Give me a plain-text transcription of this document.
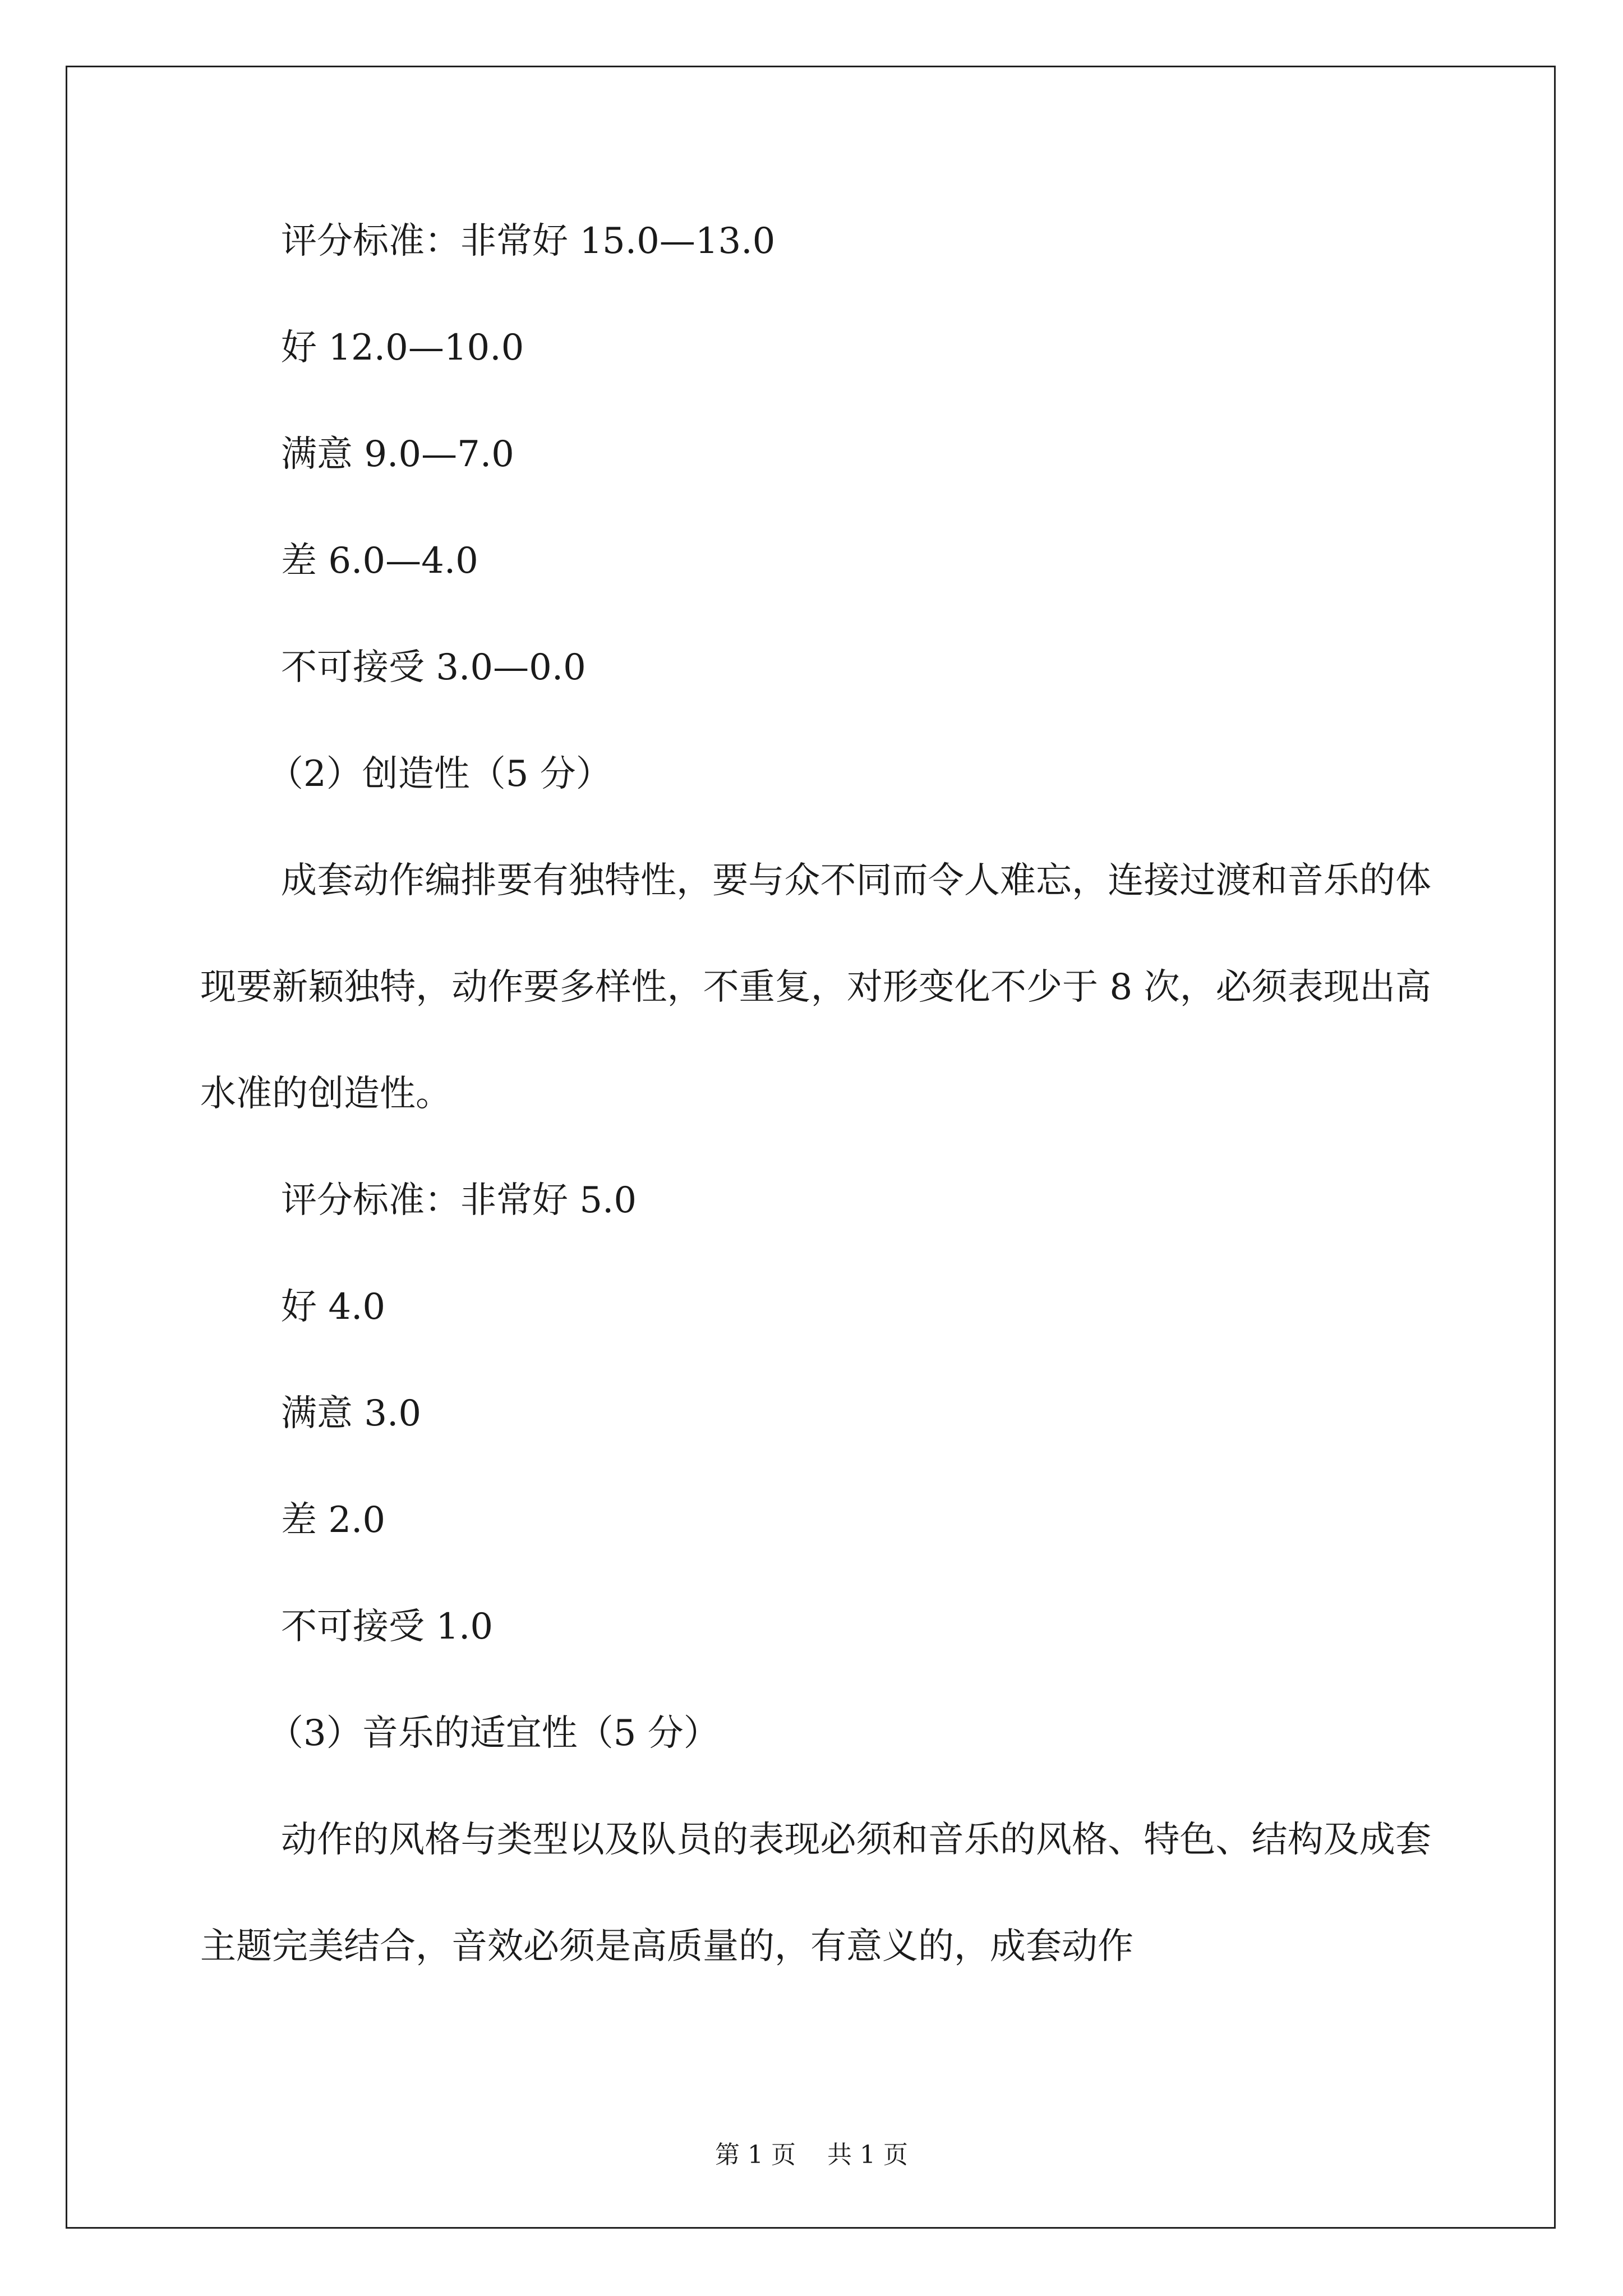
评分标准：非常好 15.0—13.0
好 12.0—10.0
满意 9.0—7.0
差 6.0—4.0
不可接受 3.0—0.0
（2）创造性（5 分）

成套动作编排要有独特性，要与众不同而令人难忘，连接过渡和音乐的体现要新颖独特，动作要多样性，不重复，对形变化不少于 8 次，必须表现出高水准的创造性。

评分标准：非常好 5.0
好 4.0
满意 3.0
差 2.0
不可接受 1.0
（3）音乐的适宜性（5 分）

动作的风格与类型以及队员的表现必须和音乐的风格、特色、结构及成套主题完美结合，音效必须是高质量的，有意义的，成套动作

第 1 页 共 1 页
